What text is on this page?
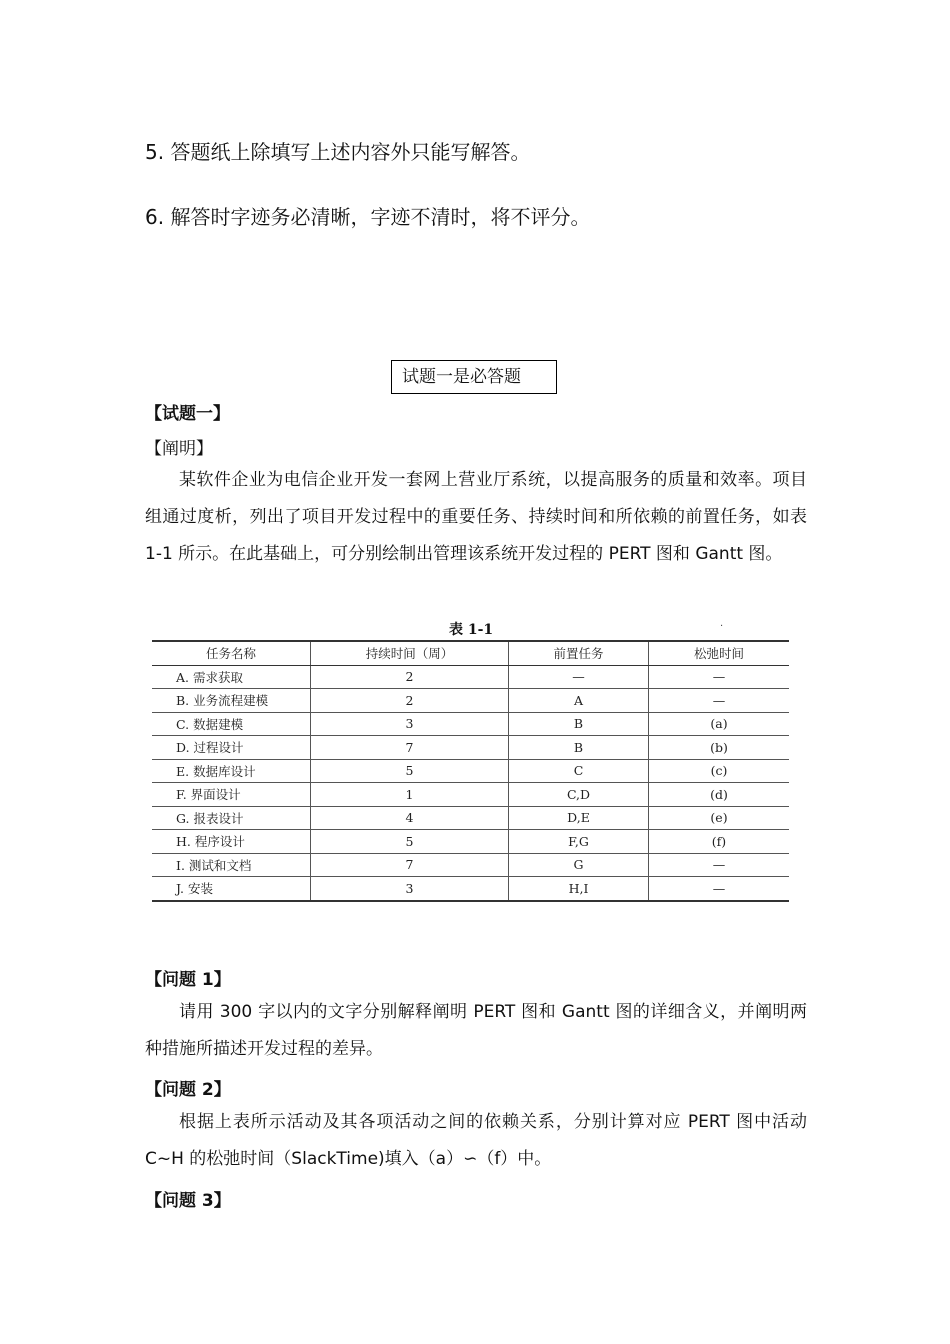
5. 答题纸上除填写上述内容外只能写解答。
6. 解答时字迹务必清晰，字迹不清时，将不评分。
试题一是必答题
【试题一】
【阐明】

某软件企业为电信企业开发一套网上营业厅系统，以提高服务的质量和效率。项目组通过度析，列出了项目开发过程中的重要任务、持续时间和所依赖的前置任务，如表 1-1 所示。在此基础上，可分别绘制出管理该系统开发过程的 PERT 图和 Gantt 图。

表 1-1	·
任务名称	持续时间（周）	前置任务	松弛时间
A. 需求获取	2	—	—
B. 业务流程建模	2	A	—
C. 数据建模	3	B	(a)
D. 过程设计	7	B	(b)
E. 数据库设计	5	C	(c)
F. 界面设计	1	C,D	(d)
G. 报表设计	4	D,E	(e)
H. 程序设计	5	F,G	(f)
I. 测试和文档	7	G	—
J. 安装	3	H,I	—
【问题 1】

请用 300 字以内的文字分别解释阐明 PERT 图和 Gantt 图的详细含义，并阐明两种措施所描述开发过程的差异。

【问题 2】

根据上表所示活动及其各项活动之间的依赖关系，分别计算对应 PERT 图中活动 C~H 的松弛时间（SlackTime)填入（a）∽（f）中。

【问题 3】
